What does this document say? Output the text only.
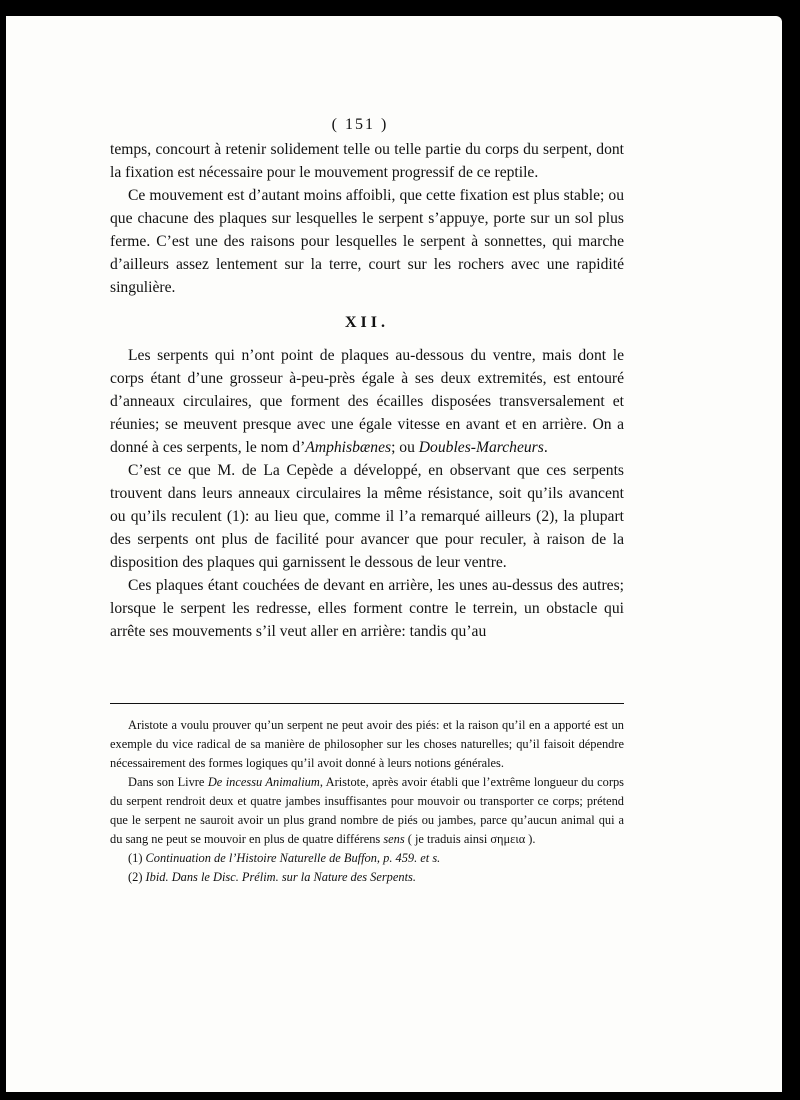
( 151 )

temps, concourt à retenir solidement telle ou telle partie du corps du serpent, dont la fixation est nécessaire pour le mouvement progressif de ce reptile.

Ce mouvement est d’autant moins affoibli, que cette fixation est plus stable; ou que chacune des plaques sur lesquelles le serpent s’appuye, porte sur un sol plus ferme. C’est une des raisons pour lesquelles le serpent à sonnettes, qui marche d’ailleurs assez lentement sur la terre, court sur les rochers avec une rapidité singulière.

XII.

Les serpents qui n’ont point de plaques au-dessous du ventre, mais dont le corps étant d’une grosseur à-peu-près égale à ses deux extremités, est entouré d’anneaux circulaires, que forment des écailles disposées transversalement et réunies; se meuvent presque avec une égale vitesse en avant et en arrière. On a donné à ces serpents, le nom d’Amphisbænes; ou Doubles-Marcheurs.

C’est ce que M. de La Cepède a développé, en observant que ces serpents trouvent dans leurs anneaux circulaires la même résistance, soit qu’ils avancent ou qu’ils reculent (1): au lieu que, comme il l’a remarqué ailleurs (2), la plupart des serpents ont plus de facilité pour avancer que pour reculer, à raison de la disposition des plaques qui garnissent le dessous de leur ventre.

Ces plaques étant couchées de devant en arrière, les unes au-dessus des autres; lorsque le serpent les redresse, elles forment contre le terrein, un obstacle qui arrête ses mouvements s’il veut aller en arrière: tandis qu’au

Aristote a voulu prouver qu’un serpent ne peut avoir des piés: et la raison qu’il en a apporté est un exemple du vice radical de sa manière de philosopher sur les choses naturelles; qu’il faisoit dépendre nécessairement des formes logiques qu’il avoit donné à leurs notions générales.

Dans son Livre De incessu Animalium, Aristote, après avoir établi que l’extrême longueur du corps du serpent rendroit deux et quatre jambes insuffisantes pour mouvoir ou transporter ce corps; prétend que le serpent ne sauroit avoir un plus grand nombre de piés ou jambes, parce qu’aucun animal qui a du sang ne peut se mouvoir en plus de quatre différens sens ( je traduis ainsi σημεια ).

(1) Continuation de l’Histoire Naturelle de Buffon, p. 459. et s.

(2) Ibid. Dans le Disc. Prélim. sur la Nature des Serpents.
